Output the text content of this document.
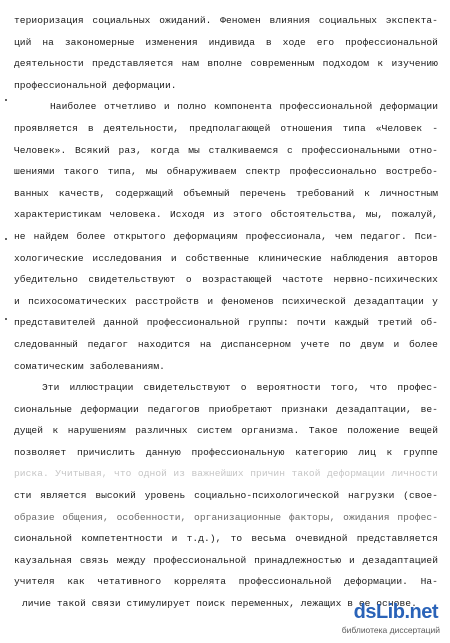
териоризация социальных ожиданий. Феномен влияния социальных экспекта-
ций на закономерные изменения индивида в ходе его профессиональной
деятельности представляется нам вполне современным подходом к изучению
профессиональной деформации.
Наиболее отчетливо и полно компонента профессиональной деформации
проявляется в деятельности, предполагающей отношения типа «Человек -
Человек». Всякий раз, когда мы сталкиваемся с профессиональными отно-
шениями такого типа, мы обнаруживаем спектр профессионально востребо-
ванных качеств, содержащий объемный перечень требований к личностным
характеристикам человека. Исходя из этого обстоятельства, мы, пожалуй,
не найдем более открытого деформациям профессионала, чем педагог. Пси-
хологические исследования и собственные клинические наблюдения авторов
убедительно свидетельствуют о возрастающей частоте нервно-психических
и психосоматических расстройств и феноменов психической дезадаптации у
представителей данной профессиональной группы: почти каждый третий об-
следованный педагог находится на диспансерном учете по двум и более
соматическим заболеваниям.
Эти иллюстрации свидетельствуют о вероятности того, что профес-
сиональные деформации педагогов приобретают признаки дезадаптации, ве-
дущей к нарушениям различных систем организма. Такое положение вещей
позволяет причислить данную профессиональную категорию лиц к группе
риска. Учитывая, что одной из важнейших причин такой деформации личности
сти является высокий уровень социально-психологической нагрузки (свое-
образие общения, особенности, организационные факторы, ожидания профес-
сиональной компетентности и т.д.), то весьма очевидной представляется
каузальная связь между профессиональной принадлежностью и дезадаптацией
учителя как четативного коррелята профессиональной деформации. На-
личие такой связи стимулирует поиск переменных, лежащих в ее основе.
dsLib.net
библиотека диссертаций
